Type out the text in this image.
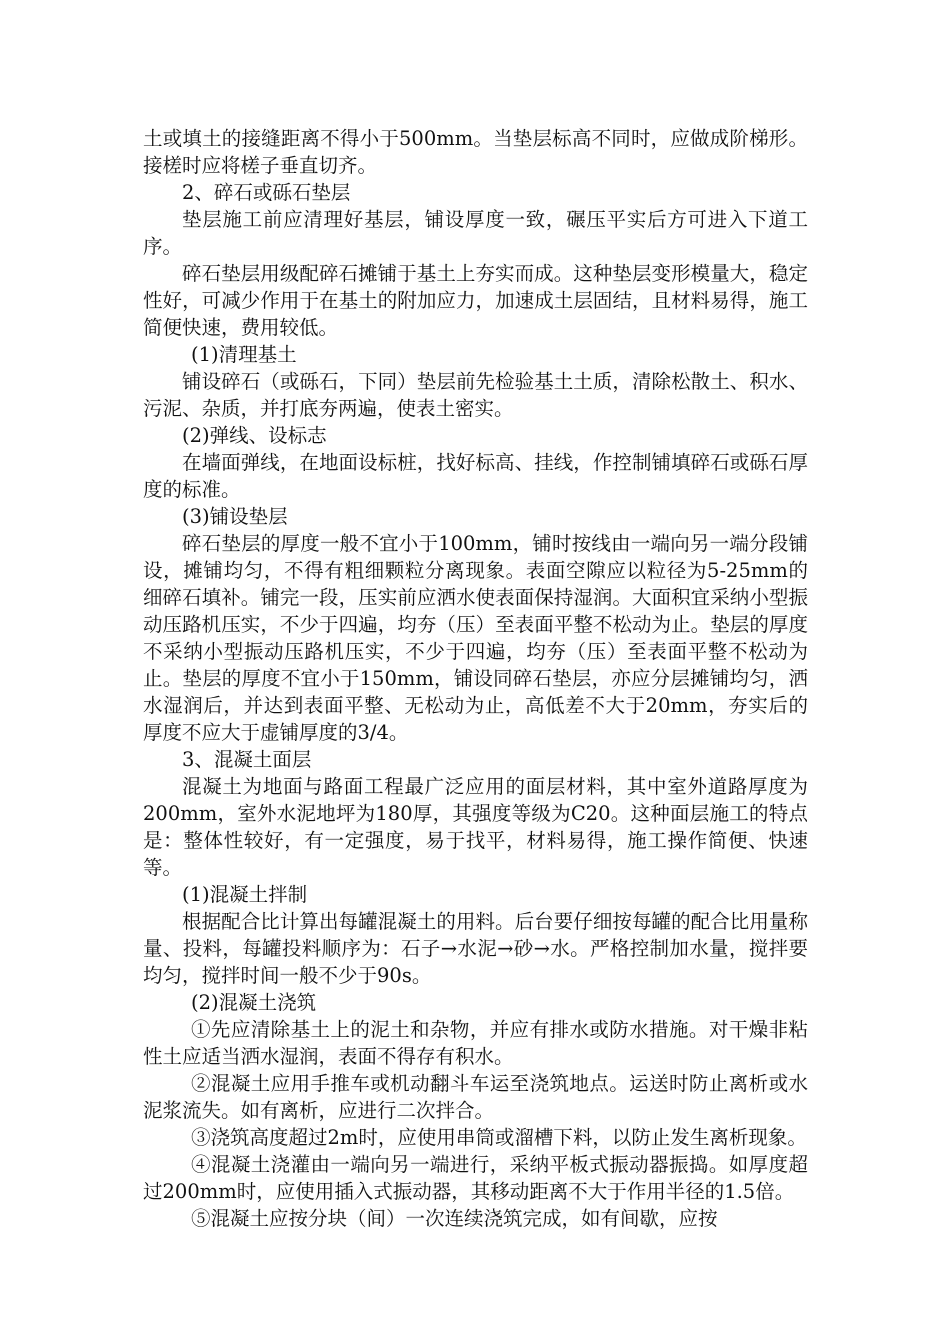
土或填土的接缝距离不得小于500mm。当垫层标高不同时，应做成阶梯形。接槎时应将槎子垂直切齐。

2、碎石或砾石垫层

垫层施工前应清理好基层，铺设厚度一致，碾压平实后方可进入下道工序。

碎石垫层用级配碎石摊铺于基土上夯实而成。这种垫层变形模量大，稳定性好，可减少作用于在基土的附加应力，加速成土层固结，且材料易得，施工简便快速，费用较低。

(1)清理基土

铺设碎石（或砾石，下同）垫层前先检验基土土质，清除松散土、积水、污泥、杂质，并打底夯两遍，使表土密实。

(2)弹线、设标志

在墙面弹线，在地面设标桩，找好标高、挂线，作控制铺填碎石或砾石厚度的标准。

(3)铺设垫层

碎石垫层的厚度一般不宜小于100mm，铺时按线由一端向另一端分段铺设，摊铺均匀，不得有粗细颗粒分离现象。表面空隙应以粒径为5-25mm的细碎石填补。铺完一段，压实前应洒水使表面保持湿润。大面积宜采纳小型振动压路机压实，不少于四遍，均夯（压）至表面平整不松动为止。垫层的厚度不采纳小型振动压路机压实，不少于四遍，均夯（压）至表面平整不松动为止。垫层的厚度不宜小于150mm，铺设同碎石垫层，亦应分层摊铺均匀，洒水湿润后，并达到表面平整、无松动为止，高低差不大于20mm，夯实后的厚度不应大于虚铺厚度的3/4。

3、混凝土面层

混凝土为地面与路面工程最广泛应用的面层材料，其中室外道路厚度为200mm，室外水泥地坪为180厚，其强度等级为C20。这种面层施工的特点是：整体性较好，有一定强度，易于找平，材料易得，施工操作简便、快速等。

(1)混凝土拌制

根据配合比计算出每罐混凝土的用料。后台要仔细按每罐的配合比用量称量、投料，每罐投料顺序为：石子→水泥→砂→水。严格控制加水量，搅拌要均匀，搅拌时间一般不少于90s。

(2)混凝土浇筑

①先应清除基土上的泥土和杂物，并应有排水或防水措施。对干燥非粘性土应适当洒水湿润，表面不得存有积水。

②混凝土应用手推车或机动翻斗车运至浇筑地点。运送时防止离析或水泥浆流失。如有离析，应进行二次拌合。

③浇筑高度超过2m时，应使用串筒或溜槽下料，以防止发生离析现象。

④混凝土浇灌由一端向另一端进行，采纳平板式振动器振捣。如厚度超过200mm时，应使用插入式振动器，其移动距离不大于作用半径的1.5倍。

⑤混凝土应按分块（间）一次连续浇筑完成，如有间歇，应按
